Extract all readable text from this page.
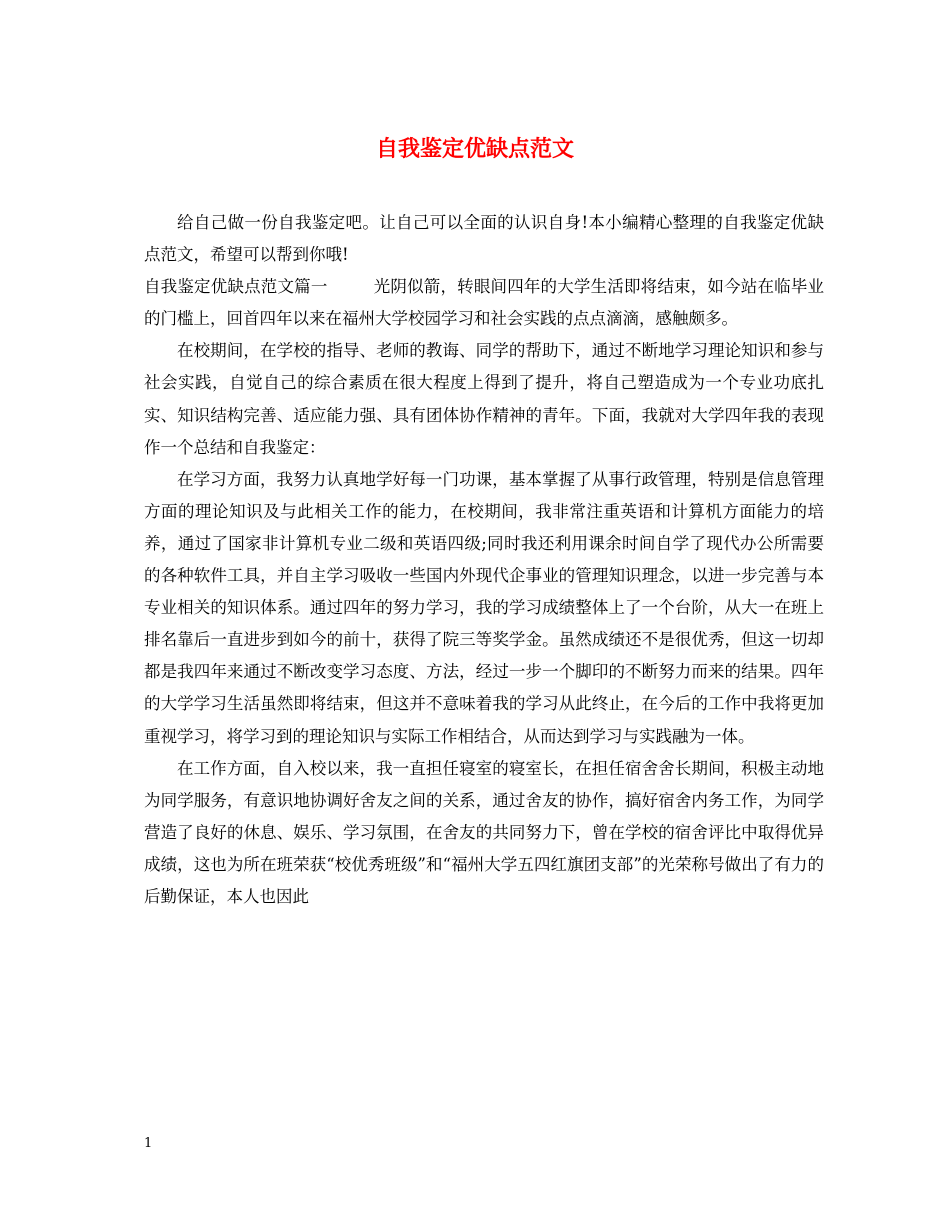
自我鉴定优缺点范文

给自己做一份自我鉴定吧。让自己可以全面的认识自身!本小编精心整理的自我鉴定优缺点范文，希望可以帮到你哦!

自我鉴定优缺点范文篇一	光阴似箭，转眼间四年的大学生活即将结束，如今站在临毕业的门槛上，回首四年以来在福州大学校园学习和社会实践的点点滴滴，感触颇多。

在校期间，在学校的指导、老师的教诲、同学的帮助下，通过不断地学习理论知识和参与社会实践，自觉自己的综合素质在很大程度上得到了提升，将自己塑造成为一个专业功底扎实、知识结构完善、适应能力强、具有团体协作精神的青年。下面，我就对大学四年我的表现作一个总结和自我鉴定：

在学习方面，我努力认真地学好每一门功课，基本掌握了从事行政管理，特别是信息管理方面的理论知识及与此相关工作的能力，在校期间，我非常注重英语和计算机方面能力的培养，通过了国家非计算机专业二级和英语四级;同时我还利用课余时间自学了现代办公所需要的各种软件工具，并自主学习吸收一些国内外现代企事业的管理知识理念，以进一步完善与本专业相关的知识体系。通过四年的努力学习，我的学习成绩整体上了一个台阶，从大一在班上排名靠后一直进步到如今的前十，获得了院三等奖学金。虽然成绩还不是很优秀，但这一切却都是我四年来通过不断改变学习态度、方法，经过一步一个脚印的不断努力而来的结果。四年的大学学习生活虽然即将结束，但这并不意味着我的学习从此终止，在今后的工作中我将更加重视学习，将学习到的理论知识与实际工作相结合，从而达到学习与实践融为一体。

在工作方面，自入校以来，我一直担任寝室的寝室长，在担任宿舍舍长期间，积极主动地为同学服务，有意识地协调好舍友之间的关系，通过舍友的协作，搞好宿舍内务工作，为同学营造了良好的休息、娱乐、学习氛围，在舍友的共同努力下，曾在学校的宿舍评比中取得优异成绩，这也为所在班荣获“校优秀班级”和“福州大学五四红旗团支部”的光荣称号做出了有力的后勤保证，本人也因此

1
